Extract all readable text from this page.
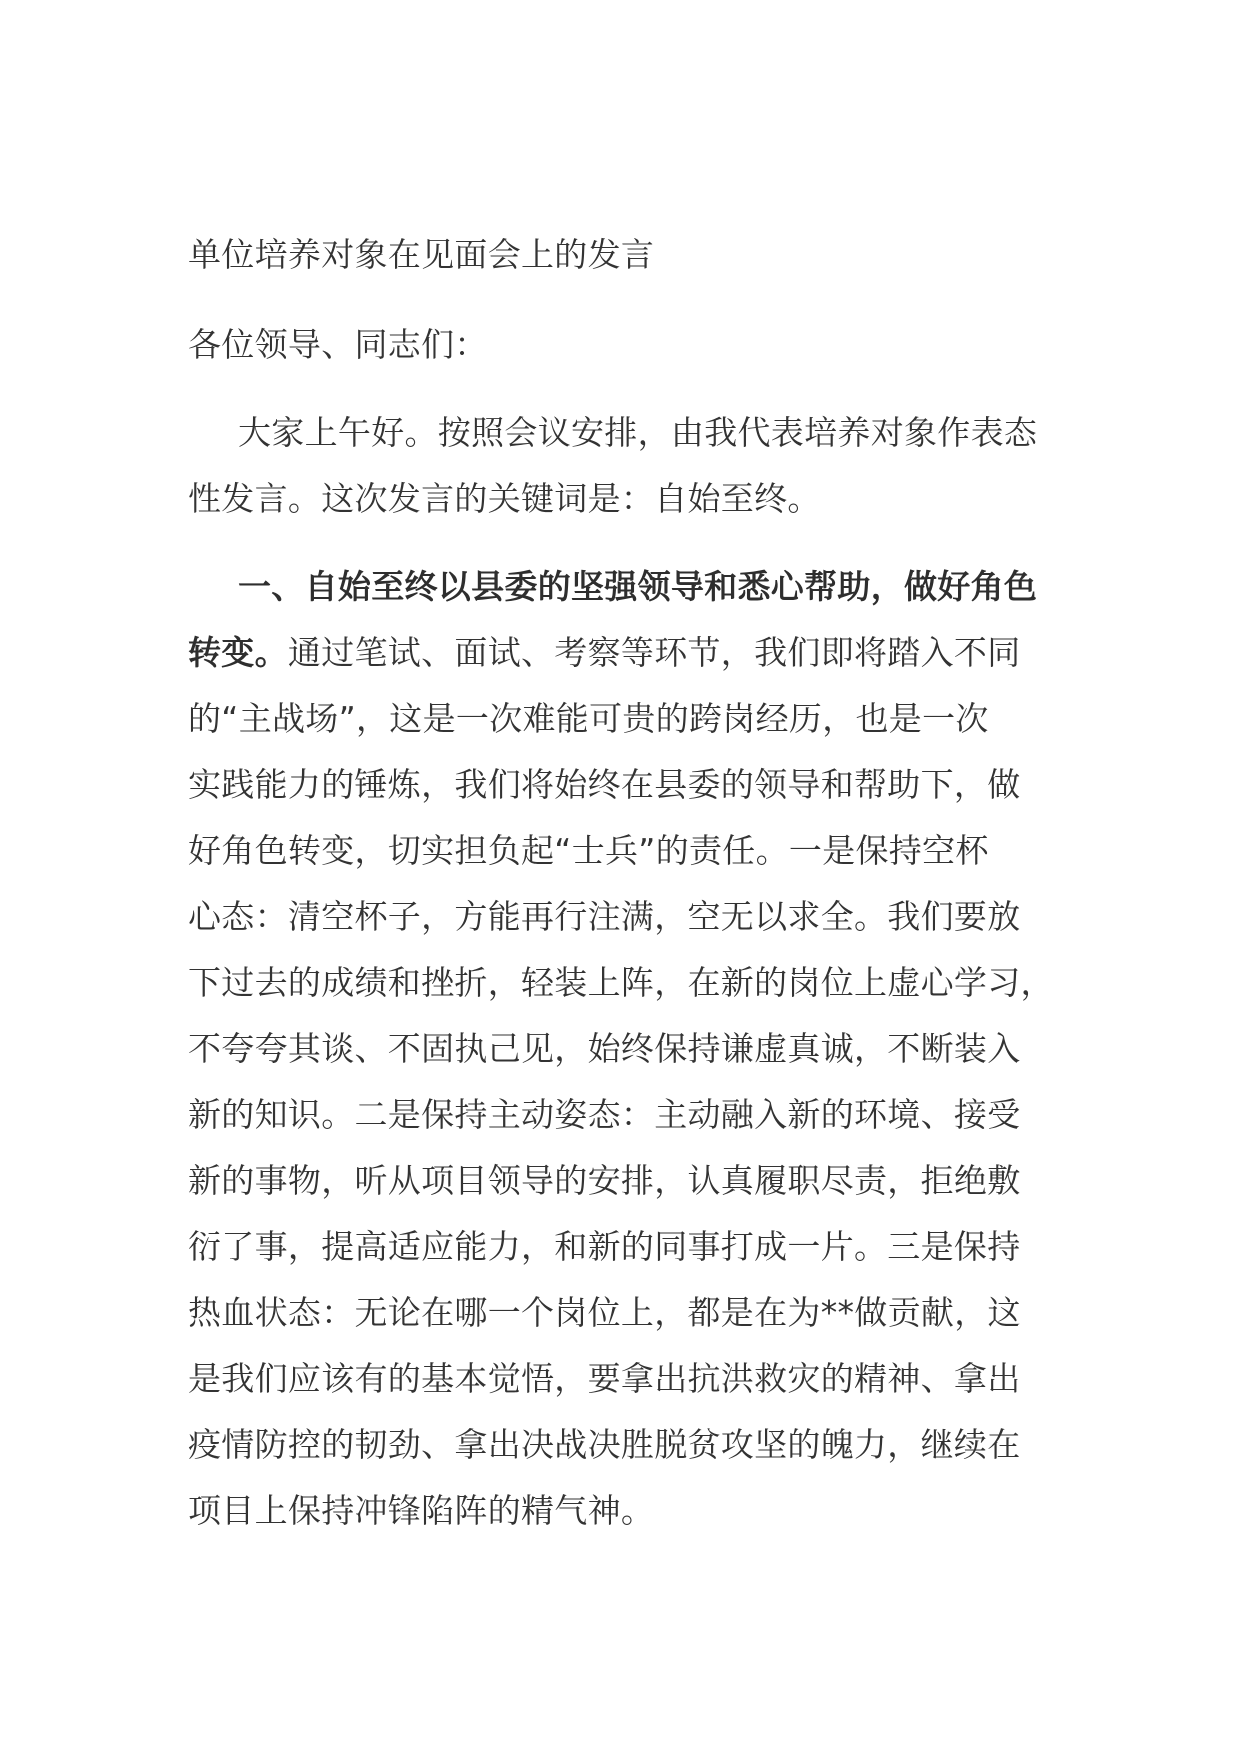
单位培养对象在见面会上的发言
各位领导、同志们：
大家上午好。按照会议安排，由我代表培养对象作表态
性发言。这次发言的关键词是：自始至终。
一、自始至终以县委的坚强领导和悉心帮助，做好角色
转变。通过笔试、面试、考察等环节，我们即将踏入不同
的“主战场”，这是一次难能可贵的跨岗经历，也是一次
实践能力的锤炼，我们将始终在县委的领导和帮助下，做
好角色转变，切实担负起“士兵”的责任。一是保持空杯
心态：清空杯子，方能再行注满，空无以求全。我们要放
下过去的成绩和挫折，轻装上阵，在新的岗位上虚心学习，
不夸夸其谈、不固执己见，始终保持谦虚真诚，不断装入
新的知识。二是保持主动姿态：主动融入新的环境、接受
新的事物，听从项目领导的安排，认真履职尽责，拒绝敷
衍了事，提高适应能力，和新的同事打成一片。三是保持
热血状态：无论在哪一个岗位上，都是在为**做贡献，这
是我们应该有的基本觉悟，要拿出抗洪救灾的精神、拿出
疫情防控的韧劲、拿出决战决胜脱贫攻坚的魄力，继续在
项目上保持冲锋陷阵的精气神。
